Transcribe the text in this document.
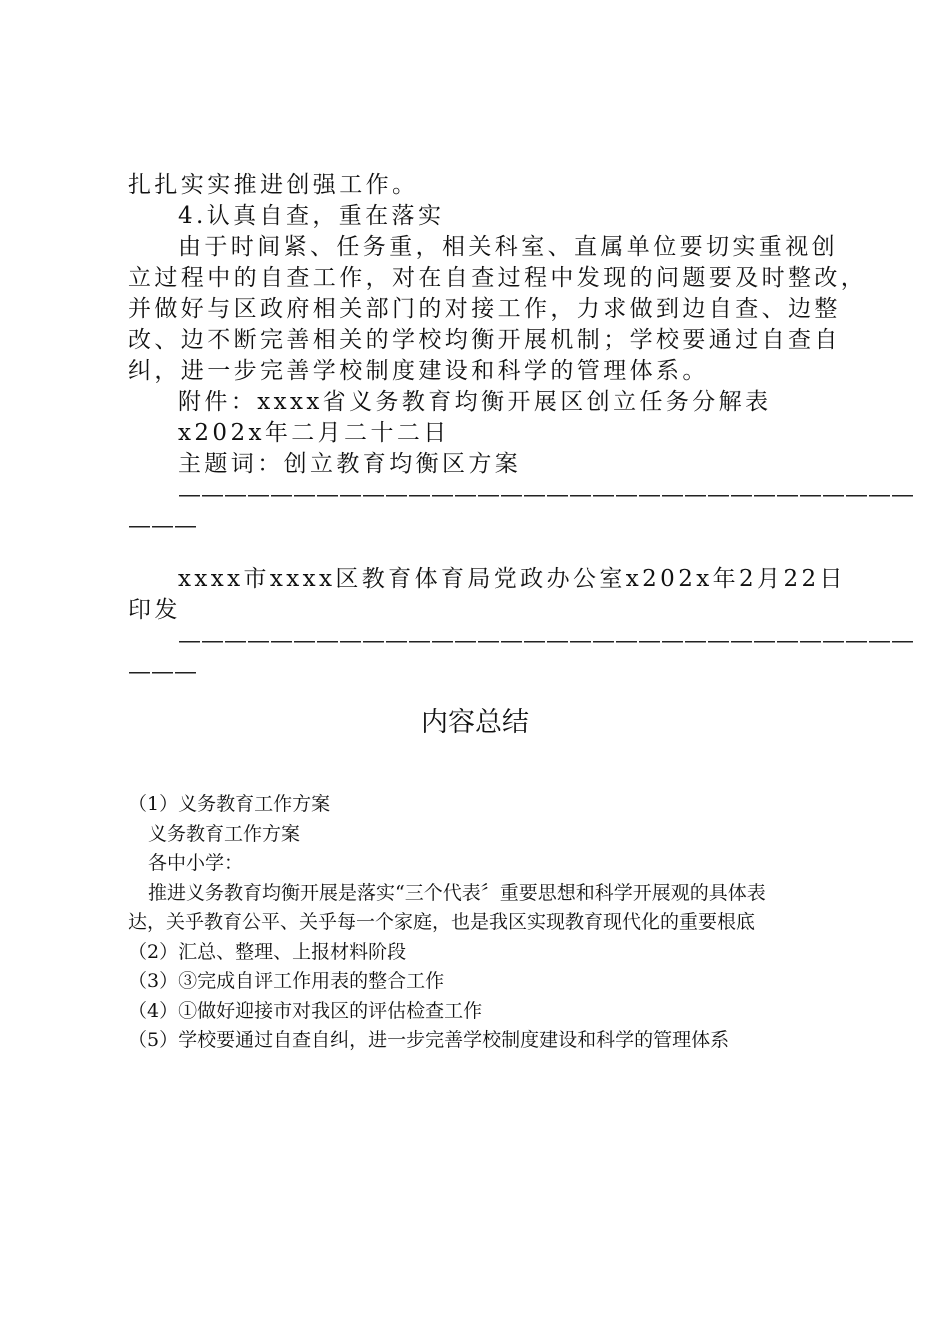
扎扎实实推进创强工作。
4.认真自查，重在落实
由于时间紧、任务重，相关科室、直属单位要切实重视创
立过程中的自查工作，对在自查过程中发现的问题要及时整改，
并做好与区政府相关部门的对接工作，力求做到边自查、边整
改、边不断完善相关的学校均衡开展机制；学校要通过自查自
纠，进一步完善学校制度建设和科学的管理体系。
附件：xxxx省义务教育均衡开展区创立任务分解表
x202x年二月二十二日
主题词：创立教育均衡区方案
————————————————————————————————
———
xxxx市xxxx区教育体育局党政办公室x202x年2月22日
印发
————————————————————————————————
———
内容总结
（1）义务教育工作方案
义务教育工作方案
各中小学：
推进义务教育均衡开展是落实“三个代表〞重要思想和科学开展观的具体表
达，关乎教育公平、关乎每一个家庭，也是我区实现教育现代化的重要根底
（2）汇总、整理、上报材料阶段
（3）③完成自评工作用表的整合工作
（4）①做好迎接市对我区的评估检查工作
（5）学校要通过自查自纠，进一步完善学校制度建设和科学的管理体系
